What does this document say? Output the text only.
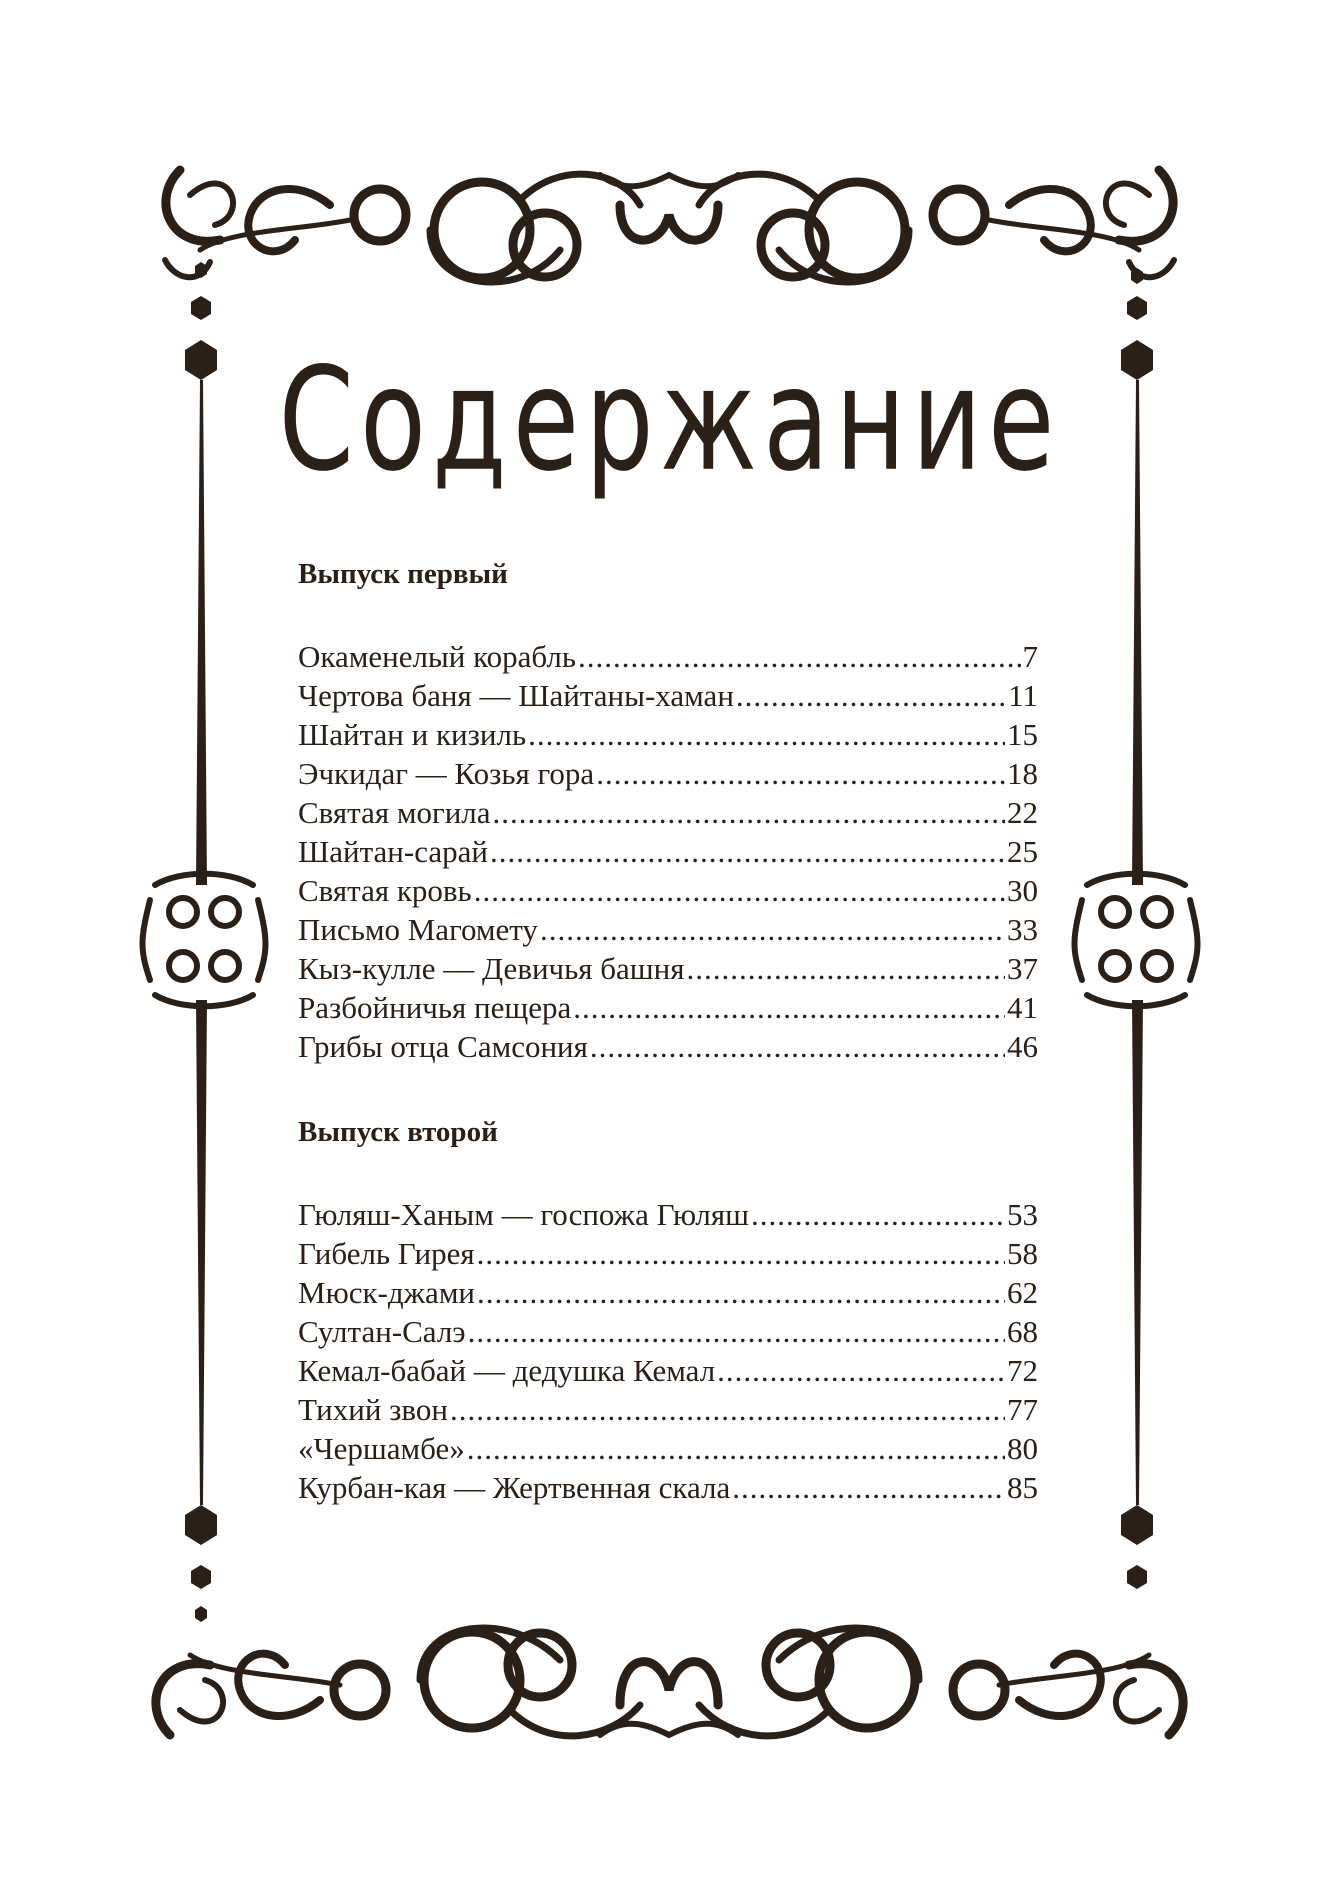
Содержание
Выпуск первый
Окаменелый корабль .....	7
Чертова баня — Шайтаны-хаман .....	11
Шайтан и кизиль .....	15
Эчкидаг — Козья гора .....	18
Святая могила .....	22
Шайтан-сарай .....	25
Святая кровь .....	30
Письмо Магомету .....	33
Кыз-кулле — Девичья башня .....	37
Разбойничья пещера .....	41
Грибы отца Самсония .....	46
Выпуск второй
Гюляш-Ханым — госпожа Гюляш .....	53
Гибель Гирея .....	58
Мюск-джами .....	62
Султан-Салэ .....	68
Кемал-бабай — дедушка Кемал .....	72
Тихий звон .....	77
«Чершамбе» .....	80
Курбан-кая — Жертвенная скала .....	85
